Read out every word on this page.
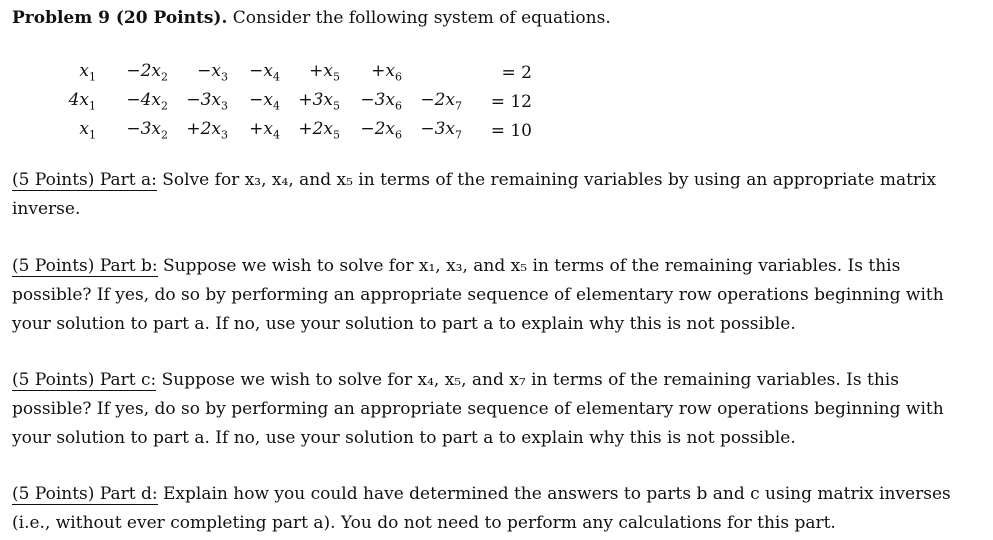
Problem 9 (20 Points). Consider the following system of equations.
$x_1$	$-2x_2$	$-x_3$	$-x_4$	$+x_5$	$+x_6$		= 2
$4x_1$	$-4x_2$	$-3x_3$	$-x_4$	$+3x_5$	$-3x_6$	$-2x_7$	= 12
$x_1$	$-3x_2$	$+2x_3$	$+x_4$	$+2x_5$	$-2x_6$	$-3x_7$	= 10
(5 Points) Part a: Solve for x₃, x₄, and x₅ in terms of the remaining variables by using an appropriate matrix inverse.
(5 Points) Part b: Suppose we wish to solve for x₁, x₃, and x₅ in terms of the remaining variables. Is this possible? If yes, do so by performing an appropriate sequence of elementary row operations beginning with your solution to part a. If no, use your solution to part a to explain why this is not possible.
(5 Points) Part c: Suppose we wish to solve for x₄, x₅, and x₇ in terms of the remaining variables. Is this possible? If yes, do so by performing an appropriate sequence of elementary row operations beginning with your solution to part a. If no, use your solution to part a to explain why this is not possible.
(5 Points) Part d: Explain how you could have determined the answers to parts b and c using matrix inverses (i.e., without ever completing part a). You do not need to perform any calculations for this part.
